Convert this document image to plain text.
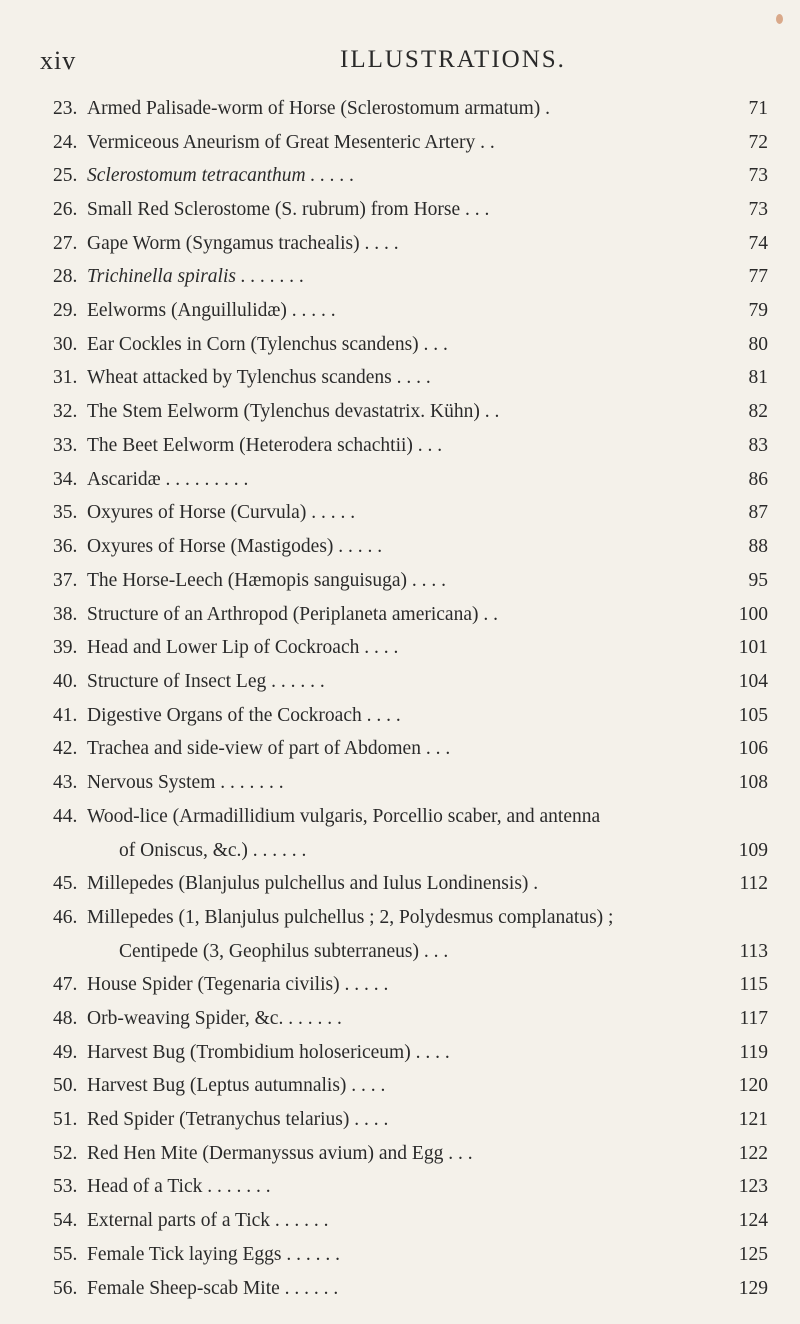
xiv	ILLUSTRATIONS.
23. Armed Palisade-worm of Horse (Sclerostomum armatum) .	71
24. Vermiceous Aneurism of Great Mesenteric Artery . .	72
25. Sclerostomum tetracanthum . . . . .	73
26. Small Red Sclerostome (S. rubrum) from Horse . . .	73
27. Gape Worm (Syngamus trachealis) . . . .	74
28. Trichinella spiralis . . . . . . .	77
29. Eelworms (Anguillulidæ) . . . . .	79
30. Ear Cockles in Corn (Tylenchus scandens) . . .	80
31. Wheat attacked by Tylenchus scandens . . . .	81
32. The Stem Eelworm (Tylenchus devastatrix. Kühn) . .	82
33. The Beet Eelworm (Heterodera schachtii) . . .	83
34. Ascaridæ . . . . . . . . .	86
35. Oxyures of Horse (Curvula) . . . . .	87
36. Oxyures of Horse (Mastigodes) . . . . .	88
37. The Horse-Leech (Hæmopis sanguisuga) . . . .	95
38. Structure of an Arthropod (Periplaneta americana) . .	100
39. Head and Lower Lip of Cockroach . . . .	101
40. Structure of Insect Leg . . . . . .	104
41. Digestive Organs of the Cockroach . . . .	105
42. Trachea and side-view of part of Abdomen . . .	106
43. Nervous System . . . . . . .	108
44. Wood-lice (Armadillidium vulgaris, Porcellio scaber, and antenna
of Oniscus, &c.) . . . . . .	109
45. Millepedes (Blanjulus pulchellus and Iulus Londinensis) .	112
46. Millepedes (1, Blanjulus pulchellus ; 2, Polydesmus complanatus) ;
Centipede (3, Geophilus subterraneus) . . .	113
47. House Spider (Tegenaria civilis) . . . . .	115
48. Orb-weaving Spider, &c. . . . . . .	117
49. Harvest Bug (Trombidium holosericeum) . . . .	119
50. Harvest Bug (Leptus autumnalis) . . . .	120
51. Red Spider (Tetranychus telarius) . . . .	121
52. Red Hen Mite (Dermanyssus avium) and Egg . . .	122
53. Head of a Tick . . . . . . .	123
54. External parts of a Tick . . . . . .	124
55. Female Tick laying Eggs . . . . . .	125
56. Female Sheep-scab Mite . . . . . .	129
